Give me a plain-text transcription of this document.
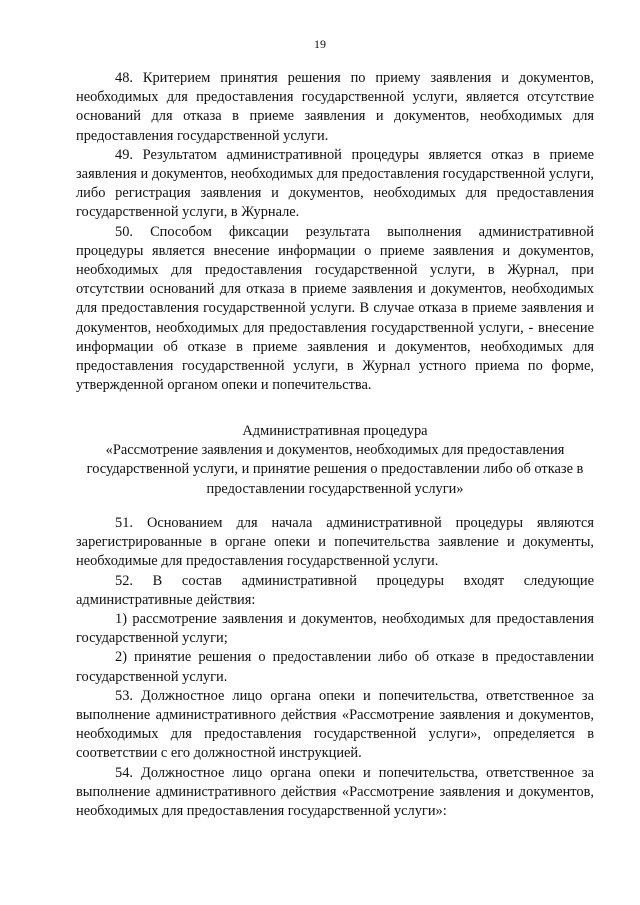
19

48. Критерием принятия решения по приему заявления и документов, необходимых для предоставления государственной услуги, является отсутствие оснований для отказа в приеме заявления и документов, необходимых для предоставления государственной услуги.

49. Результатом административной процедуры является отказ в приеме заявления и документов, необходимых для предоставления государственной услуги, либо регистрация заявления и документов, необходимых для предоставления государственной услуги, в Журнале.

50. Способом фиксации результата выполнения административной процедуры является внесение информации о приеме заявления и документов, необходимых для предоставления государственной услуги, в Журнал, при отсутствии оснований для отказа в приеме заявления и документов, необходимых для предоставления государственной услуги. В случае отказа в приеме заявления и документов, необходимых для предоставления государственной услуги, - внесение информации об отказе в приеме заявления и документов, необходимых для предоставления государственной услуги, в Журнал устного приема по форме, утвержденной органом опеки и попечительства.

Административная процедура

«Рассмотрение заявления и документов, необходимых для предоставления государственной услуги, и принятие решения о предоставлении либо об отказе в предоставлении государственной услуги»

51. Основанием для начала административной процедуры являются зарегистрированные в органе опеки и попечительства заявление и документы, необходимые для предоставления государственной услуги.

52. В состав административной процедуры входят следующие административные действия:

1) рассмотрение заявления и документов, необходимых для предоставления государственной услуги;

2) принятие решения о предоставлении либо об отказе в предоставлении государственной услуги.

53. Должностное лицо органа опеки и попечительства, ответственное за выполнение административного действия «Рассмотрение заявления и документов, необходимых для предоставления государственной услуги», определяется в соответствии с его должностной инструкцией.

54. Должностное лицо органа опеки и попечительства, ответственное за выполнение административного действия «Рассмотрение заявления и документов, необходимых для предоставления государственной услуги»:
